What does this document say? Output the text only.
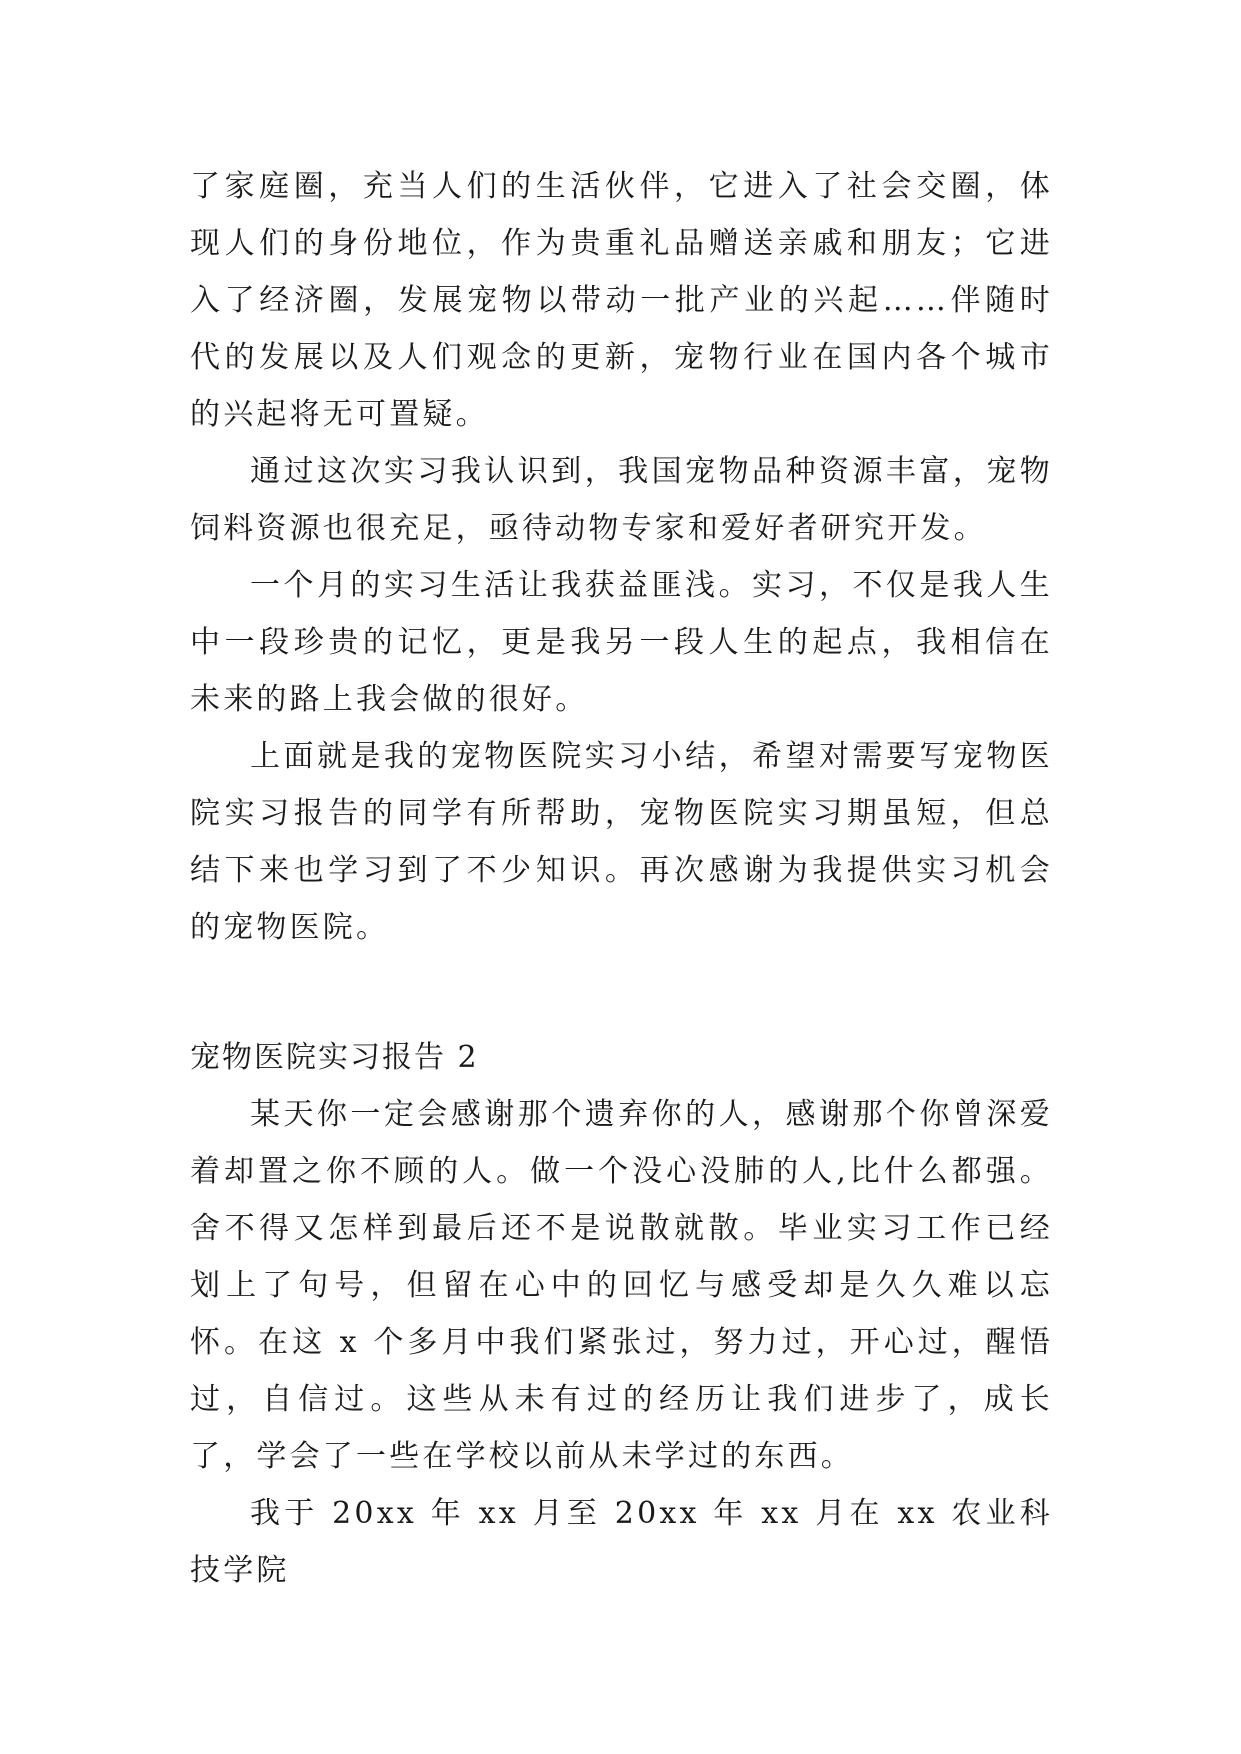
了家庭圈，充当人们的生活伙伴，它进入了社会交圈，体现人们的身份地位，作为贵重礼品赠送亲戚和朋友；它进入了经济圈，发展宠物以带动一批产业的兴起……伴随时代的发展以及人们观念的更新，宠物行业在国内各个城市的兴起将无可置疑。

通过这次实习我认识到，我国宠物品种资源丰富，宠物饲料资源也很充足，亟待动物专家和爱好者研究开发。

一个月的实习生活让我获益匪浅。实习，不仅是我人生中一段珍贵的记忆，更是我另一段人生的起点，我相信在未来的路上我会做的很好。

上面就是我的宠物医院实习小结，希望对需要写宠物医院实习报告的同学有所帮助，宠物医院实习期虽短，但总结下来也学习到了不少知识。再次感谢为我提供实习机会的宠物医院。

宠物医院实习报告 2

某天你一定会感谢那个遗弃你的人，感谢那个你曾深爱着却置之你不顾的人。做一个没心没肺的人,比什么都强。舍不得又怎样到最后还不是说散就散。毕业实习工作已经划上了句号，但留在心中的回忆与感受却是久久难以忘怀。在这 x 个多月中我们紧张过，努力过，开心过，醒悟过，自信过。这些从未有过的经历让我们进步了，成长了，学会了一些在学校以前从未学过的东西。

我于 20xx 年 xx 月至 20xx 年 xx 月在 xx 农业科技学院
